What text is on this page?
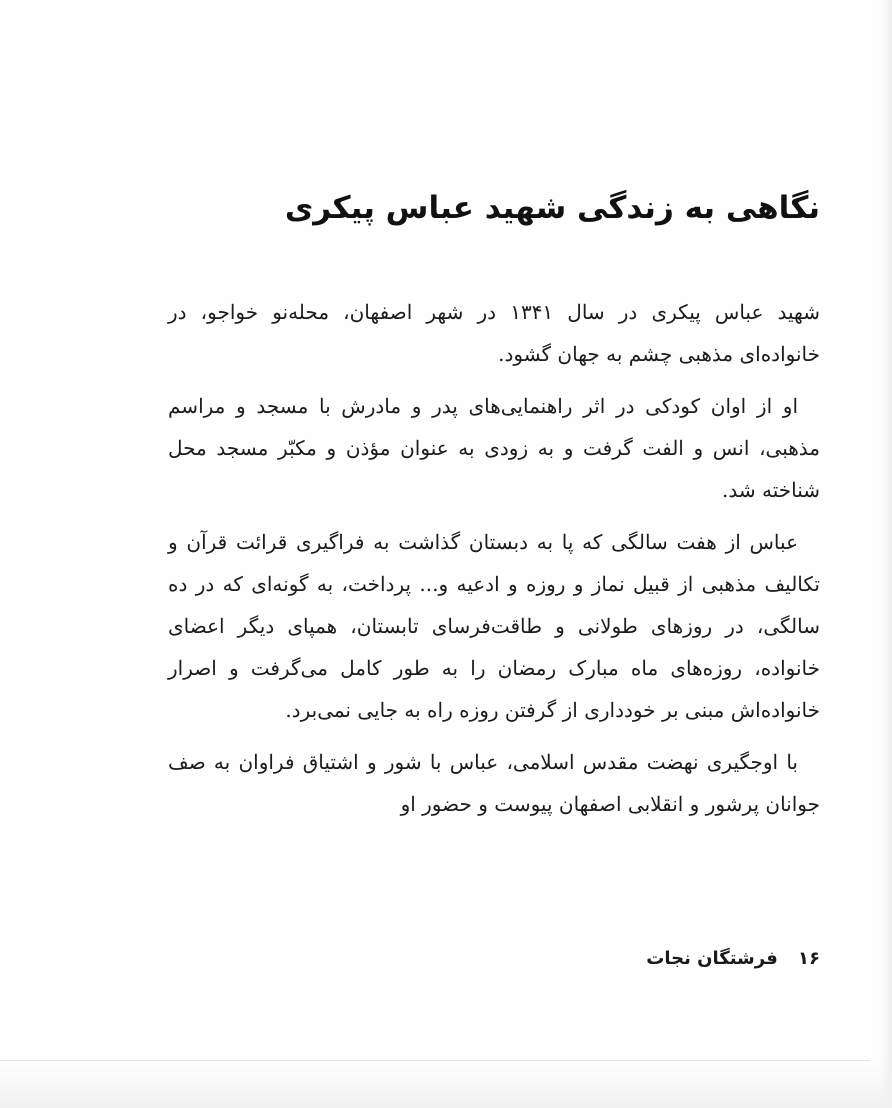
نگاهی به زندگی شهید عباس پیکری

شهید عباس پیکری در سال ۱۳۴۱ در شهر اصفهان، محله‌نو خواجو، در خانواده‌ای مذهبی چشم به جهان گشود.

او از اوان کودکی در اثر راهنمایی‌های پدر و مادرش با مسجد و مراسم مذهبی، انس و الفت گرفت و به زودی به عنوان مؤذن و مکبّر مسجد محل شناخته شد.

عباس از هفت سالگی که پا به دبستان گذاشت به فراگیری قرائت قرآن و تکالیف مذهبی از قبیل نماز و روزه و ادعیه و... پرداخت، به گونه‌ای که در ده سالگی، در روزهای طولانی و طاقت‌فرسای تابستان، همپای دیگر اعضای خانواده، روزه‌های ماه مبارک رمضان را به طور کامل می‌گرفت و اصرار خانواده‌اش مبنی بر خودداری از گرفتن روزه راه به جایی نمی‌برد.

با اوجگیری نهضت مقدس اسلامی، عباس با شور و اشتیاق فراوان به صف جوانان پرشور و انقلابی اصفهان پیوست و حضور او

۱۶ فرشتگان نجات
